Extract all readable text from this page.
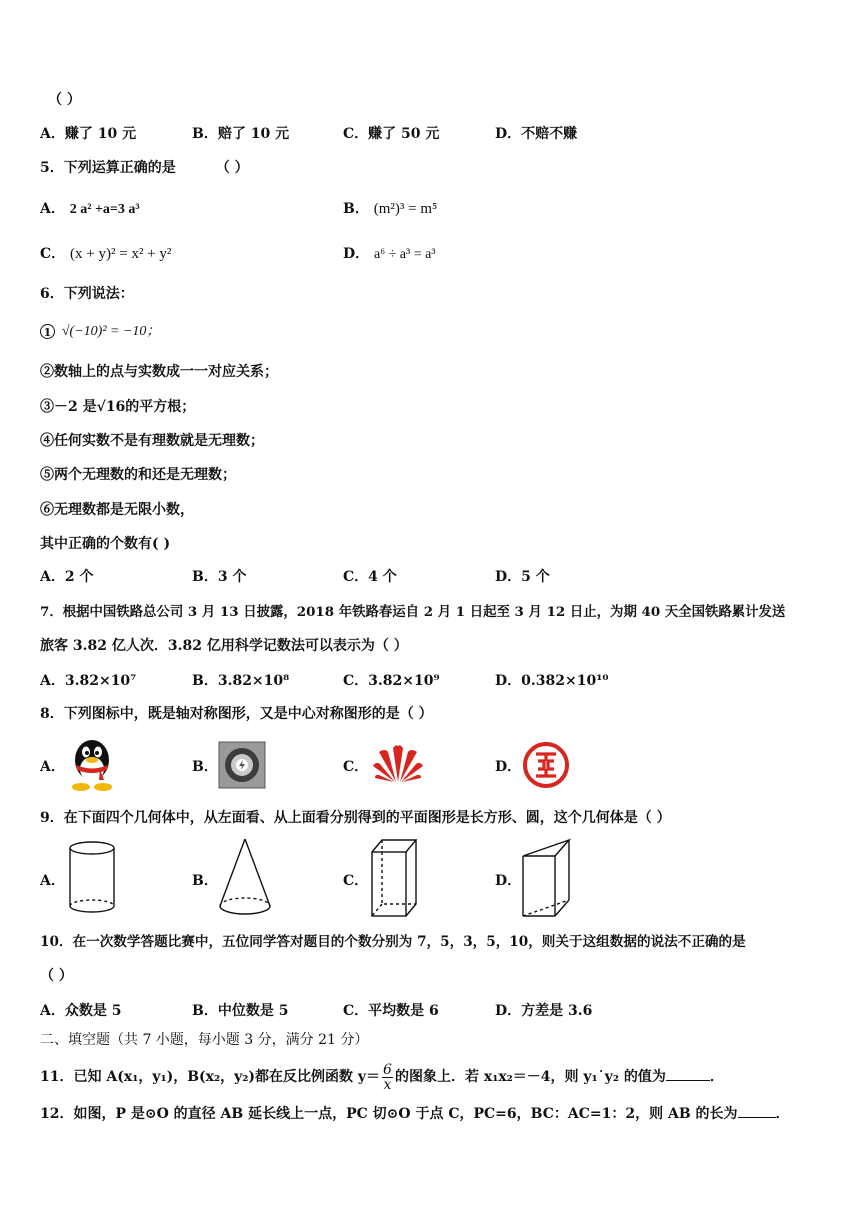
（ ）
A．赚了 10 元	B．赔了 10 元	C．赚了 50 元	D．不赔不赚
5．下列运算正确的是	（ ）
A． 2 a² +a=3 a³	B． (m²)³ = m⁵
C． (x + y)² = x² + y²	D． a⁶ ÷ a³ = a³
6．下列说法：
1 √(−10)² = −10；
②数轴上的点与实数成一一对应关系；
③－2 是√16的平方根；
④任何实数不是有理数就是无理数；
⑤两个无理数的和还是无理数；
⑥无理数都是无限小数，
其中正确的个数有( )
A．2 个	B．3 个	C．4 个	D．5 个
7．根据中国铁路总公司 3 月 13 日披露，2018 年铁路春运自 2 月 1 日起至 3 月 12 日止，为期 40 天全国铁路累计发送
旅客 3.82 亿人次．3.82 亿用科学记数法可以表示为（ ）
A．3.82×10⁷	B．3.82×10⁸	C．3.82×10⁹	D．0.382×10¹⁰
8．下列图标中，既是轴对称图形，又是中心对称图形的是（ ）
A．	B．	C．	D．
9．在下面四个几何体中，从左面看、从上面看分别得到的平面图形是长方形、圆，这个几何体是（ ）
A．	B．	C．	D．
10．在一次数学答题比赛中，五位同学答对题目的个数分别为 7，5，3，5，10，则关于这组数据的说法不正确的是
（ ）
A．众数是 5	B．中位数是 5	C．平均数是 6	D．方差是 3.6
二、填空题（共 7 小题，每小题 3 分，满分 21 分）
11．已知 A(x₁，y₁)，B(x₂，y₂)都在反比例函数 $y= \frac{6}{x}$ 的图象上．若 x₁x₂＝－4，则 y₁˙y₂ 的值为	．
12．如图，P 是⊙O 的直径 AB 延长线上一点，PC 切⊙O 于点 C，PC=6，BC：AC=1：2，则 AB 的长为	．
